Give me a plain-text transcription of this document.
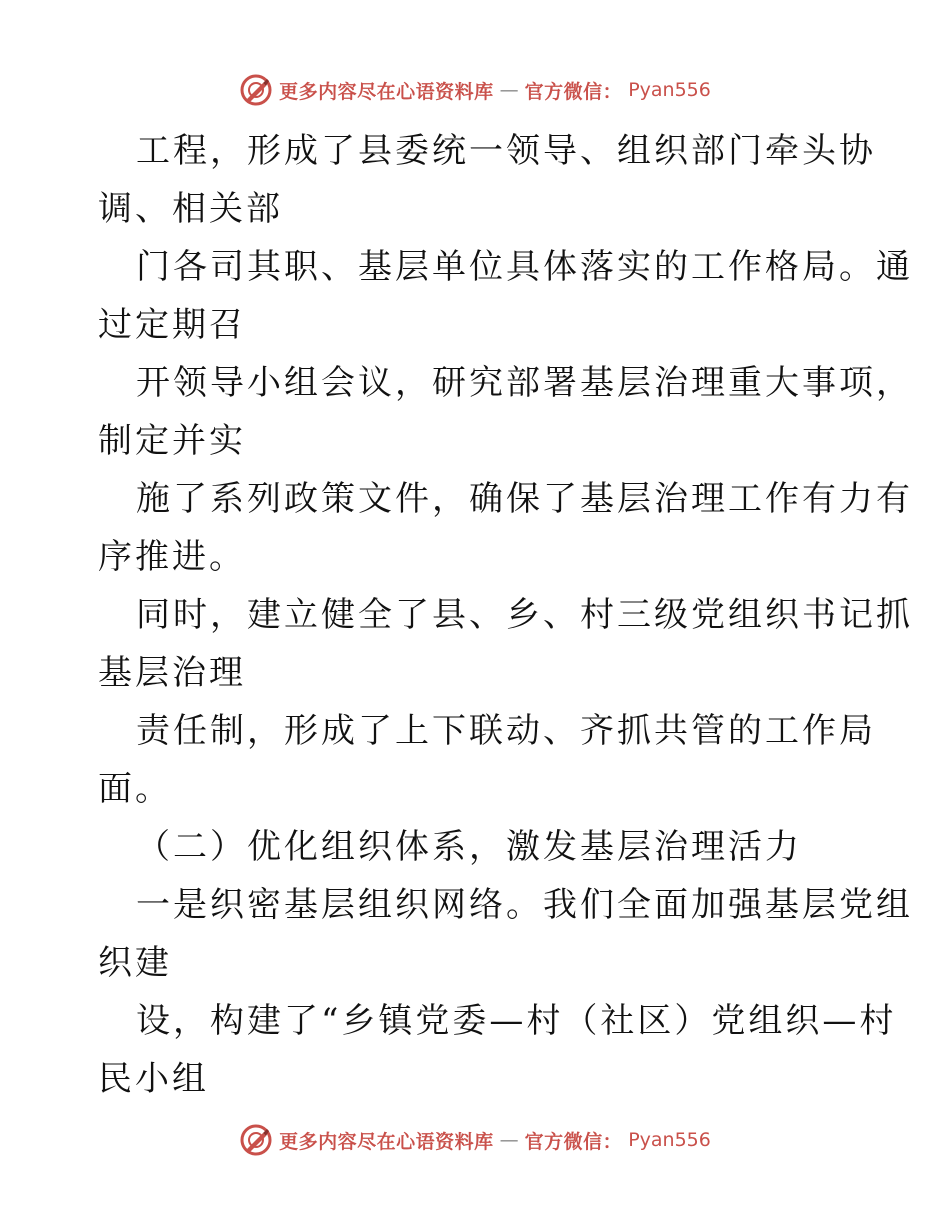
更多内容尽在心语资料库 — 官方微信： Pyan556
工程，形成了县委统一领导、组织部门牵头协
调、相关部
门各司其职、基层单位具体落实的工作格局。通
过定期召
开领导小组会议，研究部署基层治理重大事项，
制定并实
施了系列政策文件，确保了基层治理工作有力有
序推进。
同时，建立健全了县、乡、村三级党组织书记抓
基层治理
责任制，形成了上下联动、齐抓共管的工作局
面。
（二）优化组织体系，激发基层治理活力
一是织密基层组织网络。我们全面加强基层党组
织建
设，构建了“乡镇党委—村（社区）党组织—村
民小组
更多内容尽在心语资料库 — 官方微信： Pyan556
